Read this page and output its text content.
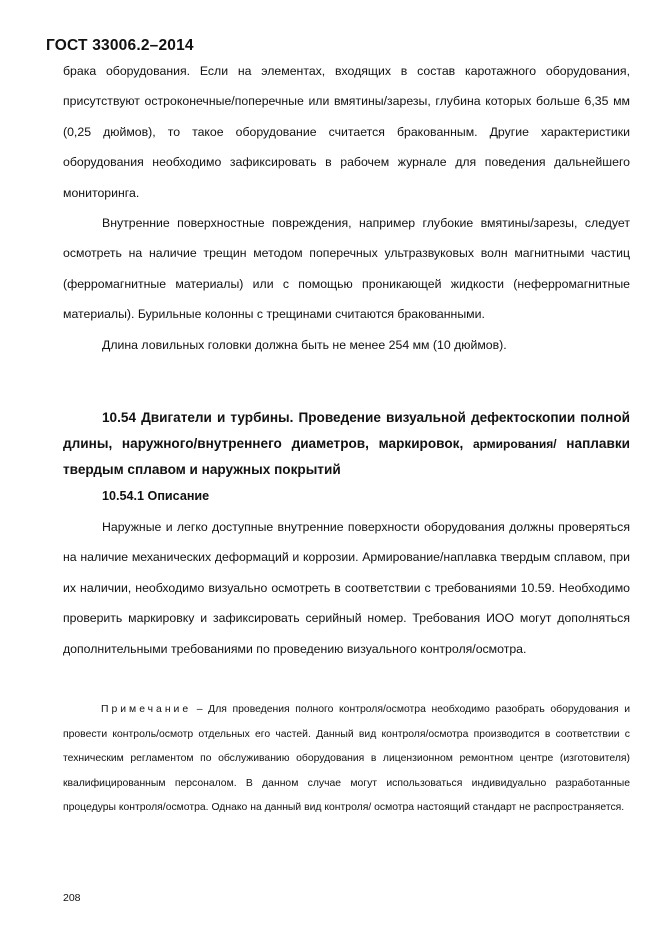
ГОСТ 33006.2–2014

брака оборудования. Если на элементах, входящих в состав каротажного оборудования, присутствуют остроконечные/поперечные или вмятины/зарезы, глубина которых больше 6,35 мм (0,25 дюймов), то такое оборудование считается бракованным. Другие характеристики оборудования необходимо зафиксировать в рабочем журнале для поведения дальнейшего мониторинга.

Внутренние поверхностные повреждения, например глубокие вмятины/зарезы, следует осмотреть на наличие трещин методом поперечных ультразвуковых волн магнитными частиц (ферромагнитные материалы) или с помощью проникающей жидкости (неферромагнитные материалы). Бурильные колонны с трещинами считаются бракованными.

Длина ловильных головки должна быть не менее 254 мм (10 дюймов).

10.54 Двигатели и турбины. Проведение визуальной дефектоскопии полной длины, наружного/внутреннего диаметров, маркировок, армирования/ наплавки твердым сплавом и наружных покрытий
10.54.1 Описание

Наружные и легко доступные внутренние поверхности оборудования должны проверяться на наличие механических деформаций и коррозии. Армирование/наплавка твердым сплавом, при их наличии, необходимо визуально осмотреть в соответствии с требованиями 10.59. Необходимо проверить маркировку и зафиксировать серийный номер. Требования ИОО могут дополняться дополнительными требованиями по проведению визуального контроля/осмотра.

Примечание – Для проведения полного контроля/осмотра необходимо разобрать оборудования и провести контроль/осмотр отдельных его частей. Данный вид контроля/осмотра производится в соответствии с техническим регламентом по обслуживанию оборудования в лицензионном ремонтном центре (изготовителя) квалифицированным персоналом. В данном случае могут использоваться индивидуально разработанные процедуры контроля/осмотра. Однако на данный вид контроля/ осмотра настоящий стандарт не распространяется.
208
